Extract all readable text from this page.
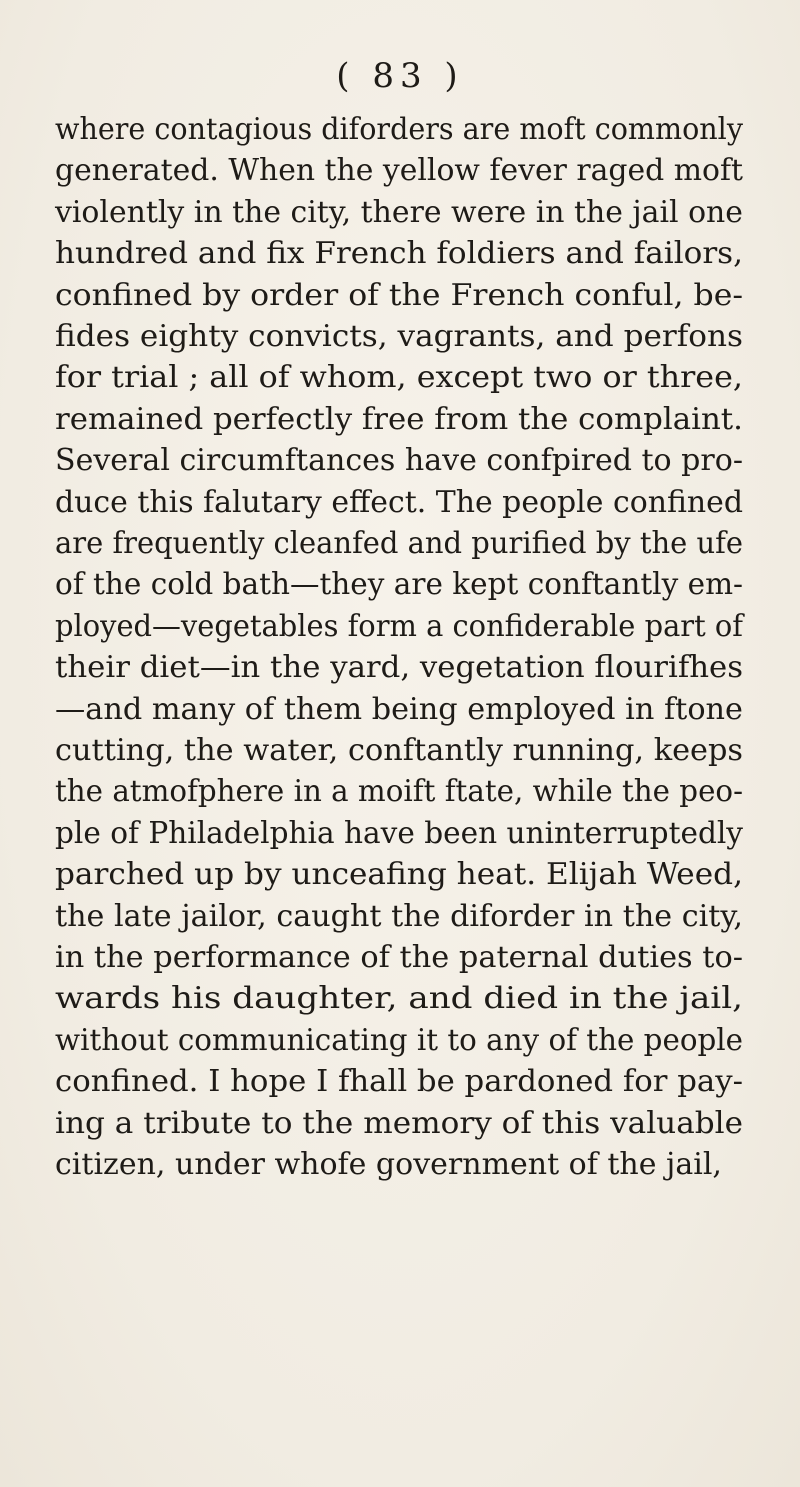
( 83 )
where contagious diforders are moft commonly
generated. When the yellow fever raged moft
violently in the city, there were in the jail one
hundred and fix French foldiers and failors,
confined by order of the French conful, be-
fides eighty convicts, vagrants, and perfons
for trial ; all of whom, except two or three,
remained perfectly free from the complaint.
Several circumftances have confpired to pro-
duce this falutary effect. The people confined
are frequently cleanfed and purified by the ufe
of the cold bath—they are kept conftantly em-
ployed—vegetables form a confiderable part of
their diet—in the yard, vegetation flourifhes
—and many of them being employed in ftone
cutting, the water, conftantly running, keeps
the atmofphere in a moift ftate, while the peo-
ple of Philadelphia have been uninterruptedly
parched up by unceafing heat. Elijah Weed,
the late jailor, caught the diforder in the city,
in the performance of the paternal duties to-
wards his daughter, and died in the jail,
without communicating it to any of the people
confined. I hope I fhall be pardoned for pay-
ing a tribute to the memory of this valuable
citizen, under whofe government of the jail,
